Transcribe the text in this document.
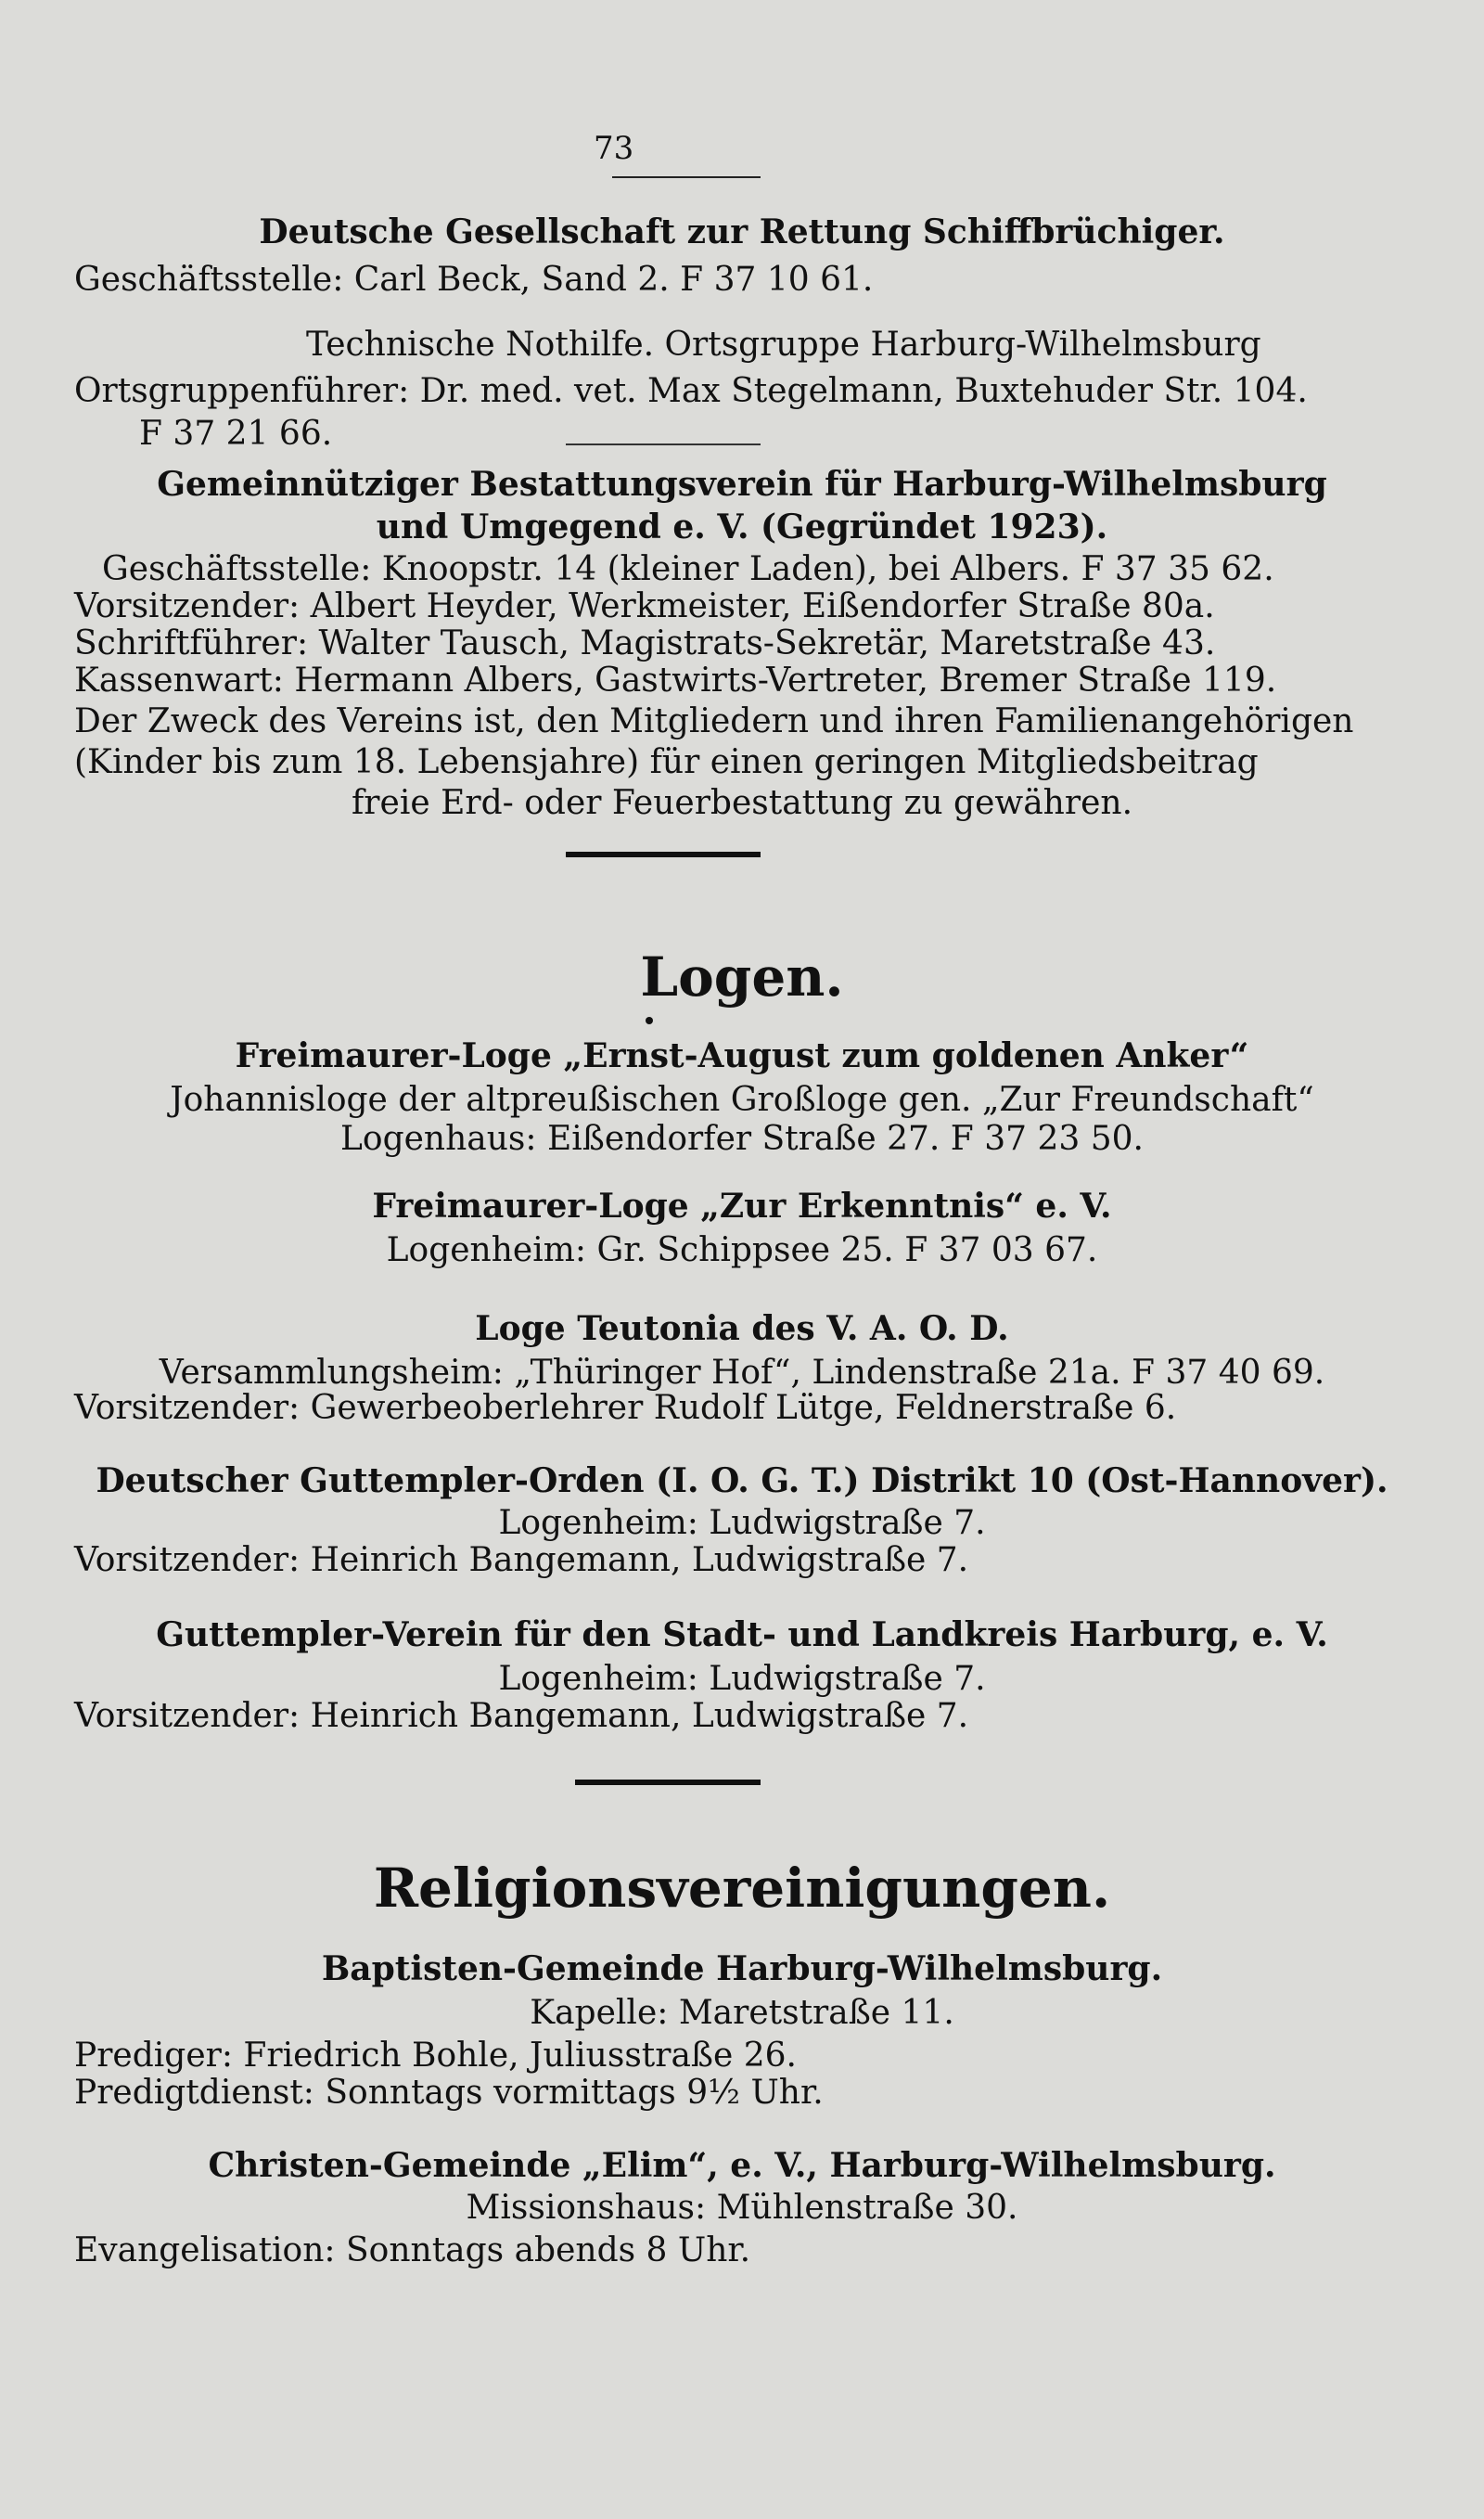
73
Deutsche Gesellschaft zur Rettung Schiffbrüchiger.
Geschäftsstelle: Carl Beck, Sand 2. F 37 10 61.
Technische Nothilfe. Ortsgruppe Harburg-Wilhelmsburg
Ortsgruppenführer: Dr. med. vet. Max Stegelmann, Buxtehuder Str. 104.
F 37 21 66.
Gemeinnütziger Bestattungsverein für Harburg-Wilhelmsburg
und Umgegend e. V. (Gegründet 1923).
Geschäftsstelle: Knoopstr. 14 (kleiner Laden), bei Albers. F 37 35 62.
Vorsitzender: Albert Heyder, Werkmeister, Eißendorfer Straße 80a.
Schriftführer: Walter Tausch, Magistrats-Sekretär, Maretstraße 43.
Kassenwart: Hermann Albers, Gastwirts-Vertreter, Bremer Straße 119.
Der Zweck des Vereins ist, den Mitgliedern und ihren Familienangehörigen
(Kinder bis zum 18. Lebensjahre) für einen geringen Mitgliedsbeitrag
freie Erd- oder Feuerbestattung zu gewähren.
Logen.
Freimaurer-Loge „Ernst-August zum goldenen Anker“
Johannisloge der altpreußischen Großloge gen. „Zur Freundschaft“
Logenhaus: Eißendorfer Straße 27. F 37 23 50.
Freimaurer-Loge „Zur Erkenntnis“ e. V.
Logenheim: Gr. Schippsee 25. F 37 03 67.
Loge Teutonia des V. A. O. D.
Versammlungsheim: „Thüringer Hof“, Lindenstraße 21a. F 37 40 69.
Vorsitzender: Gewerbeoberlehrer Rudolf Lütge, Feldnerstraße 6.
Deutscher Guttempler-Orden (I. O. G. T.) Distrikt 10 (Ost-Hannover).
Logenheim: Ludwigstraße 7.
Vorsitzender: Heinrich Bangemann, Ludwigstraße 7.
Guttempler-Verein für den Stadt- und Landkreis Harburg, e. V.
Logenheim: Ludwigstraße 7.
Vorsitzender: Heinrich Bangemann, Ludwigstraße 7.
Religionsvereinigungen.
Baptisten-Gemeinde Harburg-Wilhelmsburg.
Kapelle: Maretstraße 11.
Prediger: Friedrich Bohle, Juliusstraße 26.
Predigtdienst: Sonntags vormittags 9½ Uhr.
Christen-Gemeinde „Elim“, e. V., Harburg-Wilhelmsburg.
Missionshaus: Mühlenstraße 30.
Evangelisation: Sonntags abends 8 Uhr.
